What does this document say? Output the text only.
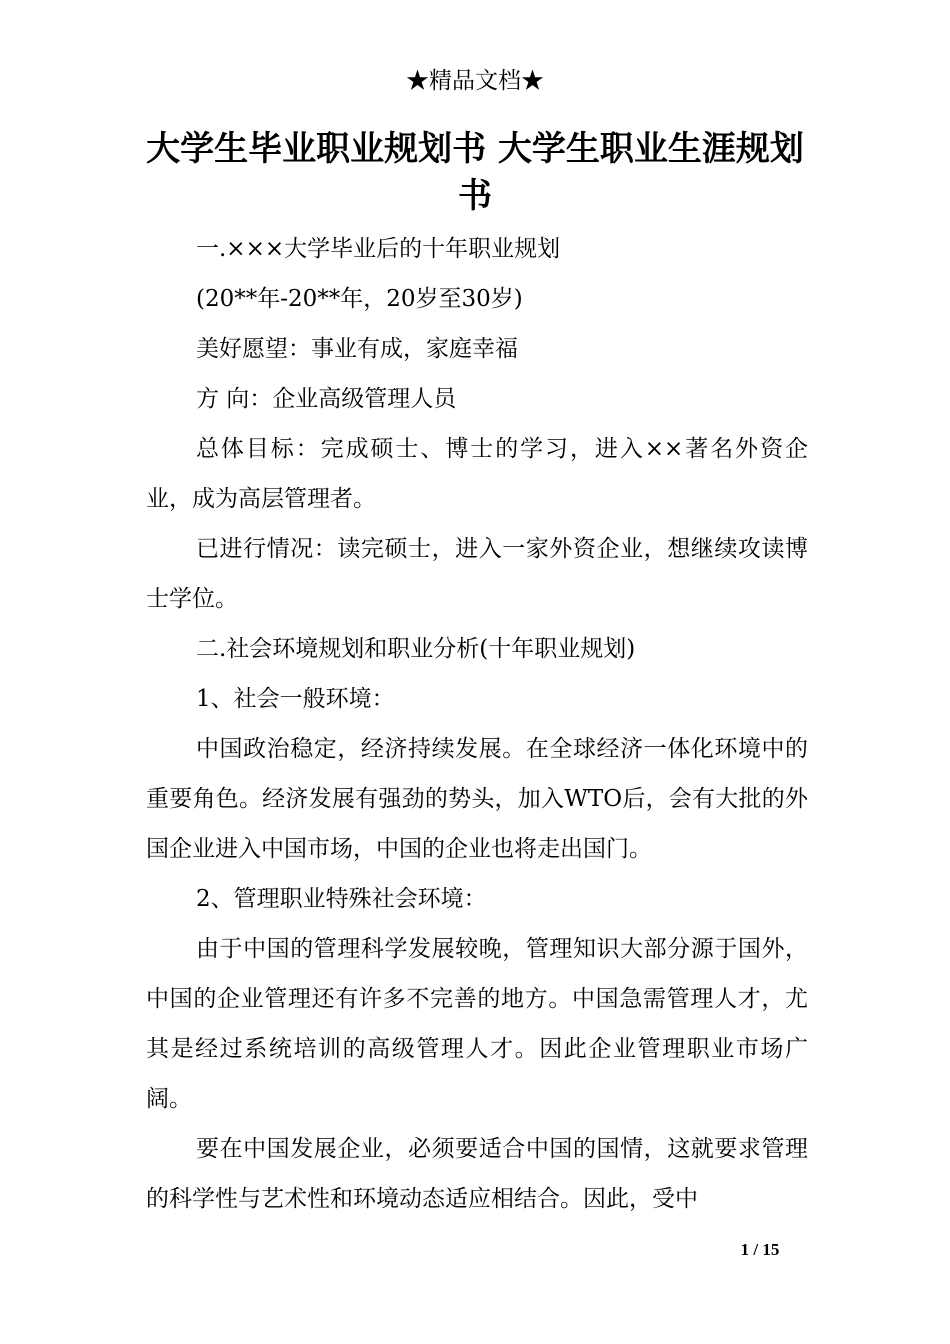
★精品文档★
大学生毕业职业规划书 大学生职业生涯规划书

一.×××大学毕业后的十年职业规划

(20**年-20**年，20岁至30岁)

美好愿望：事业有成，家庭幸福

方 向：企业高级管理人员

总体目标：完成硕士、博士的学习，进入××著名外资企业，成为高层管理者。

已进行情况：读完硕士，进入一家外资企业，想继续攻读博士学位。

二.社会环境规划和职业分析(十年职业规划)

1、社会一般环境：

中国政治稳定，经济持续发展。在全球经济一体化环境中的重要角色。经济发展有强劲的势头，加入WTO后，会有大批的外国企业进入中国市场，中国的企业也将走出国门。

2、管理职业特殊社会环境：

由于中国的管理科学发展较晚，管理知识大部分源于国外，中国的企业管理还有许多不完善的地方。中国急需管理人才，尤其是经过系统培训的高级管理人才。因此企业管理职业市场广阔。

要在中国发展企业，必须要适合中国的国情，这就要求管理的科学性与艺术性和环境动态适应相结合。因此，受中

1 / 15
